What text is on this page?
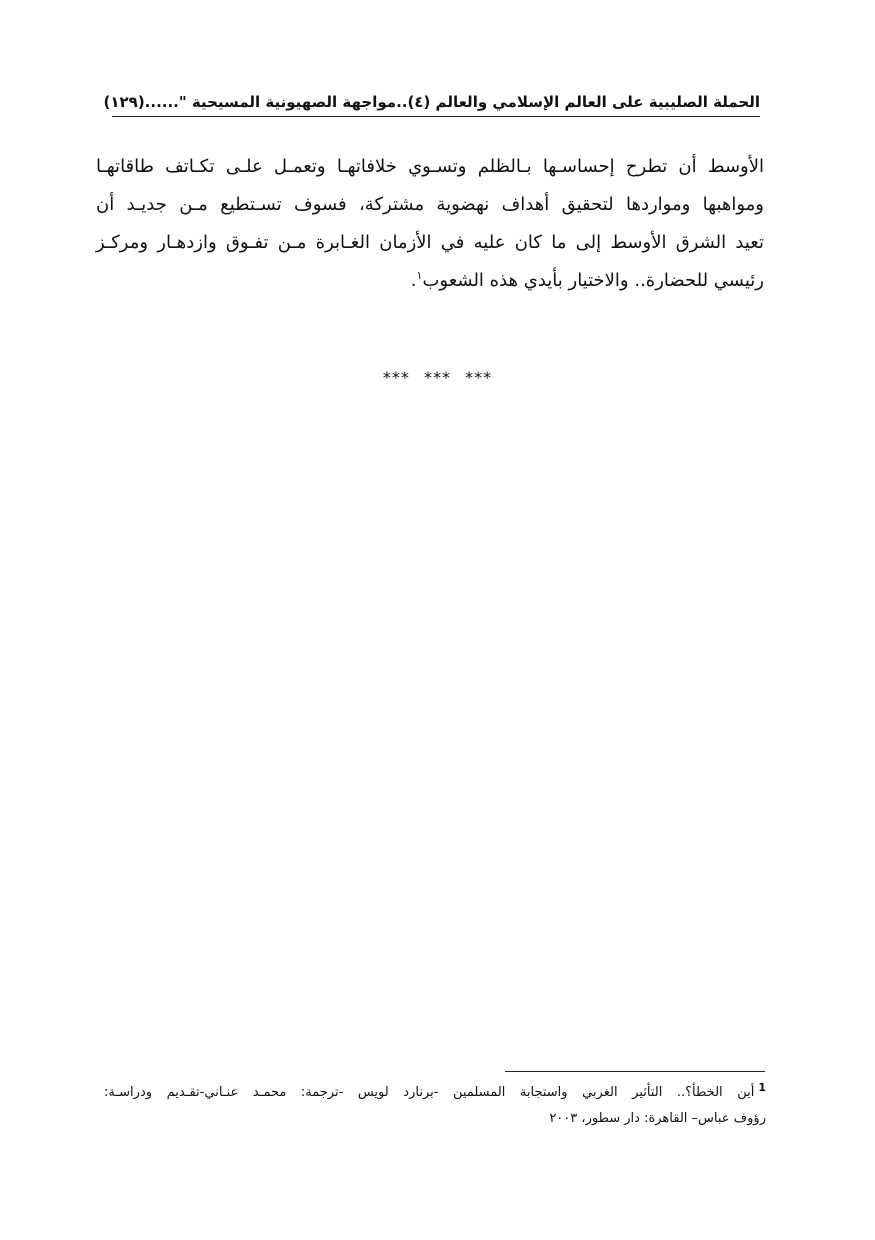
الحملة الصليبية على العالم الإسلامي والعالم (٤)..مواجهة الصهيونية المسيحية "......
(١٢٩)
الأوسط أن تطرح إحساسـها بـالظلم وتسـوي خلافاتهـا وتعمـل علـى تكـاتف طاقاتهـا
ومواهبها ومواردها لتحقيق أهداف نهضوية مشتركة، فسوف تسـتطيع مـن جديـد أن
تعيد الشرق الأوسط إلى ما كان عليه في الأزمان الغـابرة مـن تفـوق وازدهـار ومركـز
رئيسي للحضارة.. والاختيار بأيدي هذه الشعوب$^١$.
*** *** ***
$^1$أين الخطأ؟.. التأثير الغربي واستجابة المسلمين -برنارد لويس -ترجمة: محمـد عنـاني-تقـديم ودراسـة:
رؤوف عباس– القاهرة: دار سطور، ٢٠٠٣
